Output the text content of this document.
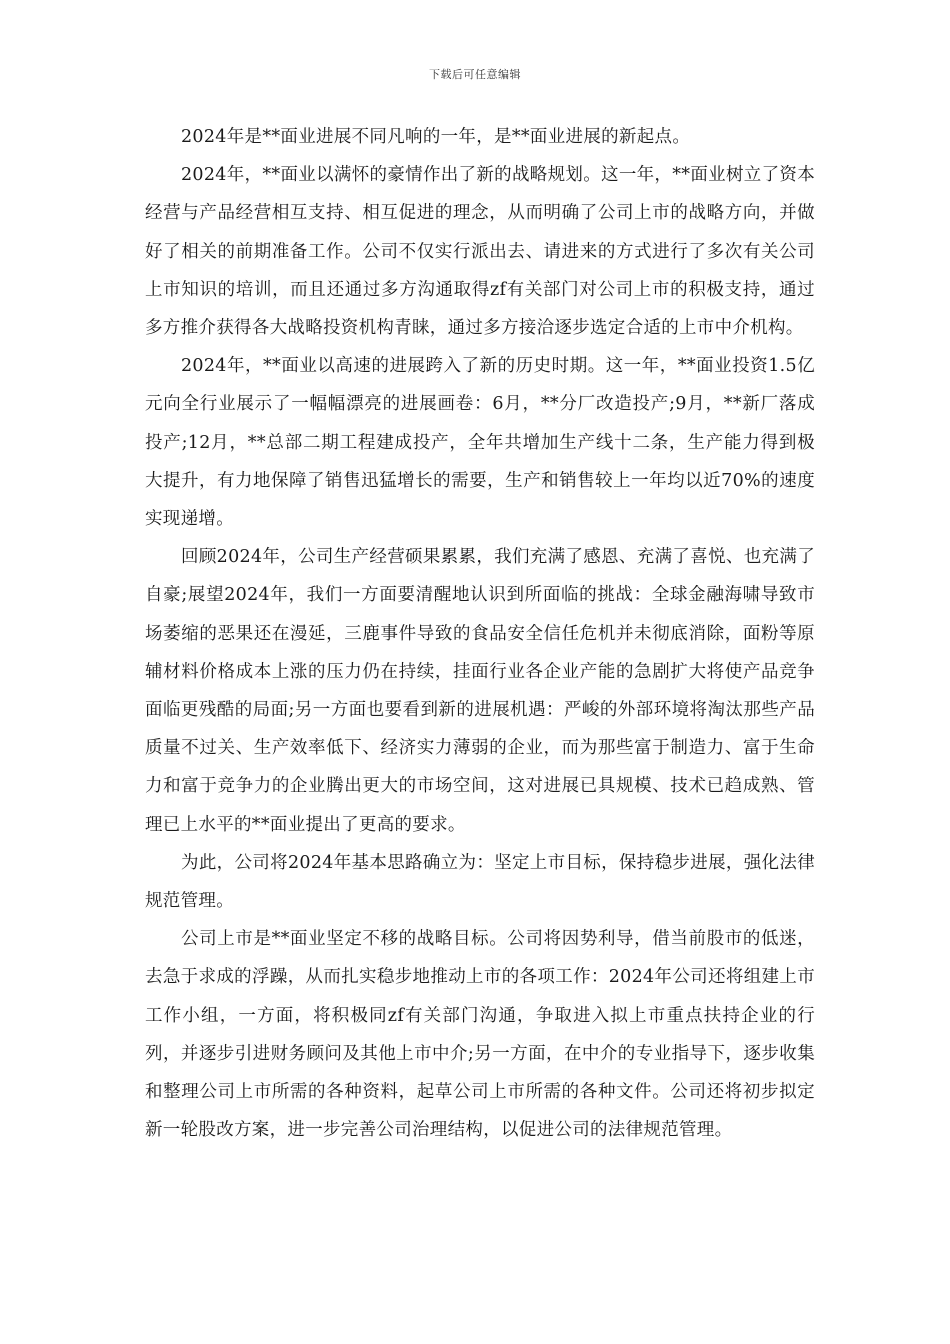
下载后可任意编辑

2024年是**面业进展不同凡响的一年，是**面业进展的新起点。

2024年，**面业以满怀的豪情作出了新的战略规划。这一年，**面业树立了资本经营与产品经营相互支持、相互促进的理念，从而明确了公司上市的战略方向，并做好了相关的前期准备工作。公司不仅实行派出去、请进来的方式进行了多次有关公司上市知识的培训，而且还通过多方沟通取得zf有关部门对公司上市的积极支持，通过多方推介获得各大战略投资机构青睐，通过多方接洽逐步选定合适的上市中介机构。

2024年，**面业以高速的进展跨入了新的历史时期。这一年，**面业投资1.5亿元向全行业展示了一幅幅漂亮的进展画卷：6月，**分厂改造投产;9月，**新厂落成投产;12月，**总部二期工程建成投产，全年共增加生产线十二条，生产能力得到极大提升，有力地保障了销售迅猛增长的需要，生产和销售较上一年均以近70%的速度实现递增。

回顾2024年，公司生产经营硕果累累，我们充满了感恩、充满了喜悦、也充满了自豪;展望2024年，我们一方面要清醒地认识到所面临的挑战：全球金融海啸导致市场萎缩的恶果还在漫延，三鹿事件导致的食品安全信任危机并未彻底消除，面粉等原辅材料价格成本上涨的压力仍在持续，挂面行业各企业产能的急剧扩大将使产品竞争面临更残酷的局面;另一方面也要看到新的进展机遇：严峻的外部环境将淘汰那些产品质量不过关、生产效率低下、经济实力薄弱的企业，而为那些富于制造力、富于生命力和富于竞争力的企业腾出更大的市场空间，这对进展已具规模、技术已趋成熟、管理已上水平的**面业提出了更高的要求。

为此，公司将2024年基本思路确立为：坚定上市目标，保持稳步进展，强化法律规范管理。

公司上市是**面业坚定不移的战略目标。公司将因势利导，借当前股市的低迷，去急于求成的浮躁，从而扎实稳步地推动上市的各项工作：2024年公司还将组建上市工作小组，一方面，将积极同zf有关部门沟通，争取进入拟上市重点扶持企业的行列，并逐步引进财务顾问及其他上市中介;另一方面，在中介的专业指导下，逐步收集和整理公司上市所需的各种资料，起草公司上市所需的各种文件。公司还将初步拟定新一轮股改方案，进一步完善公司治理结构，以促进公司的法律规范管理。
